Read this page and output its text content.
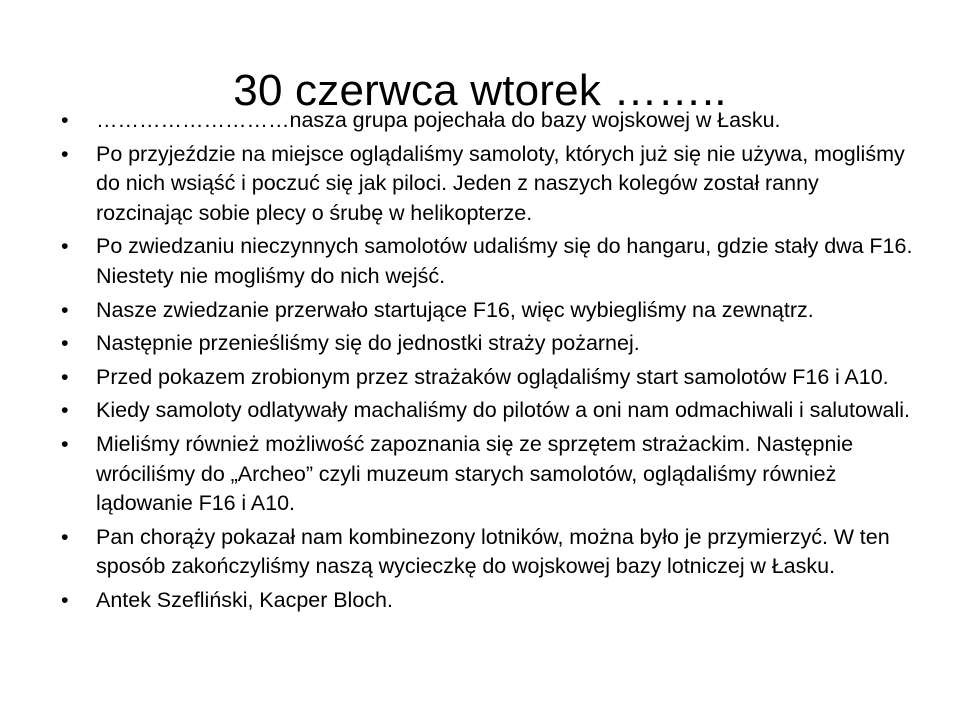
30 czerwca wtorek ……..
•	………………………nasza grupa pojechała do bazy wojskowej w Łasku.
•	Po przyjeździe na miejsce oglądaliśmy samoloty, których już się nie używa, mogliśmy do nich wsiąść i poczuć się jak piloci. Jeden z naszych kolegów został ranny rozcinając sobie plecy o śrubę w helikopterze.
•	Po zwiedzaniu nieczynnych samolotów udaliśmy się do hangaru, gdzie stały dwa F16. Niestety nie mogliśmy do nich wejść.
•	Nasze zwiedzanie przerwało startujące F16, więc wybiegliśmy na zewnątrz.
•	Następnie przenieśliśmy się do jednostki straży pożarnej.
•	Przed pokazem zrobionym przez strażaków oglądaliśmy start samolotów F16 i A10.
•	Kiedy samoloty odlatywały machaliśmy do pilotów a oni nam odmachiwali i salutowali.
•	Mieliśmy również możliwość zapoznania się ze sprzętem strażackim. Następnie wróciliśmy do „Archeo” czyli muzeum starych samolotów, oglądaliśmy również lądowanie F16 i A10.
•	Pan chorąży pokazał nam kombinezony lotników, można było je przymierzyć. W ten sposób zakończyliśmy naszą wycieczkę do wojskowej bazy lotniczej w Łasku.
•	Antek Szefliński, Kacper Bloch.
